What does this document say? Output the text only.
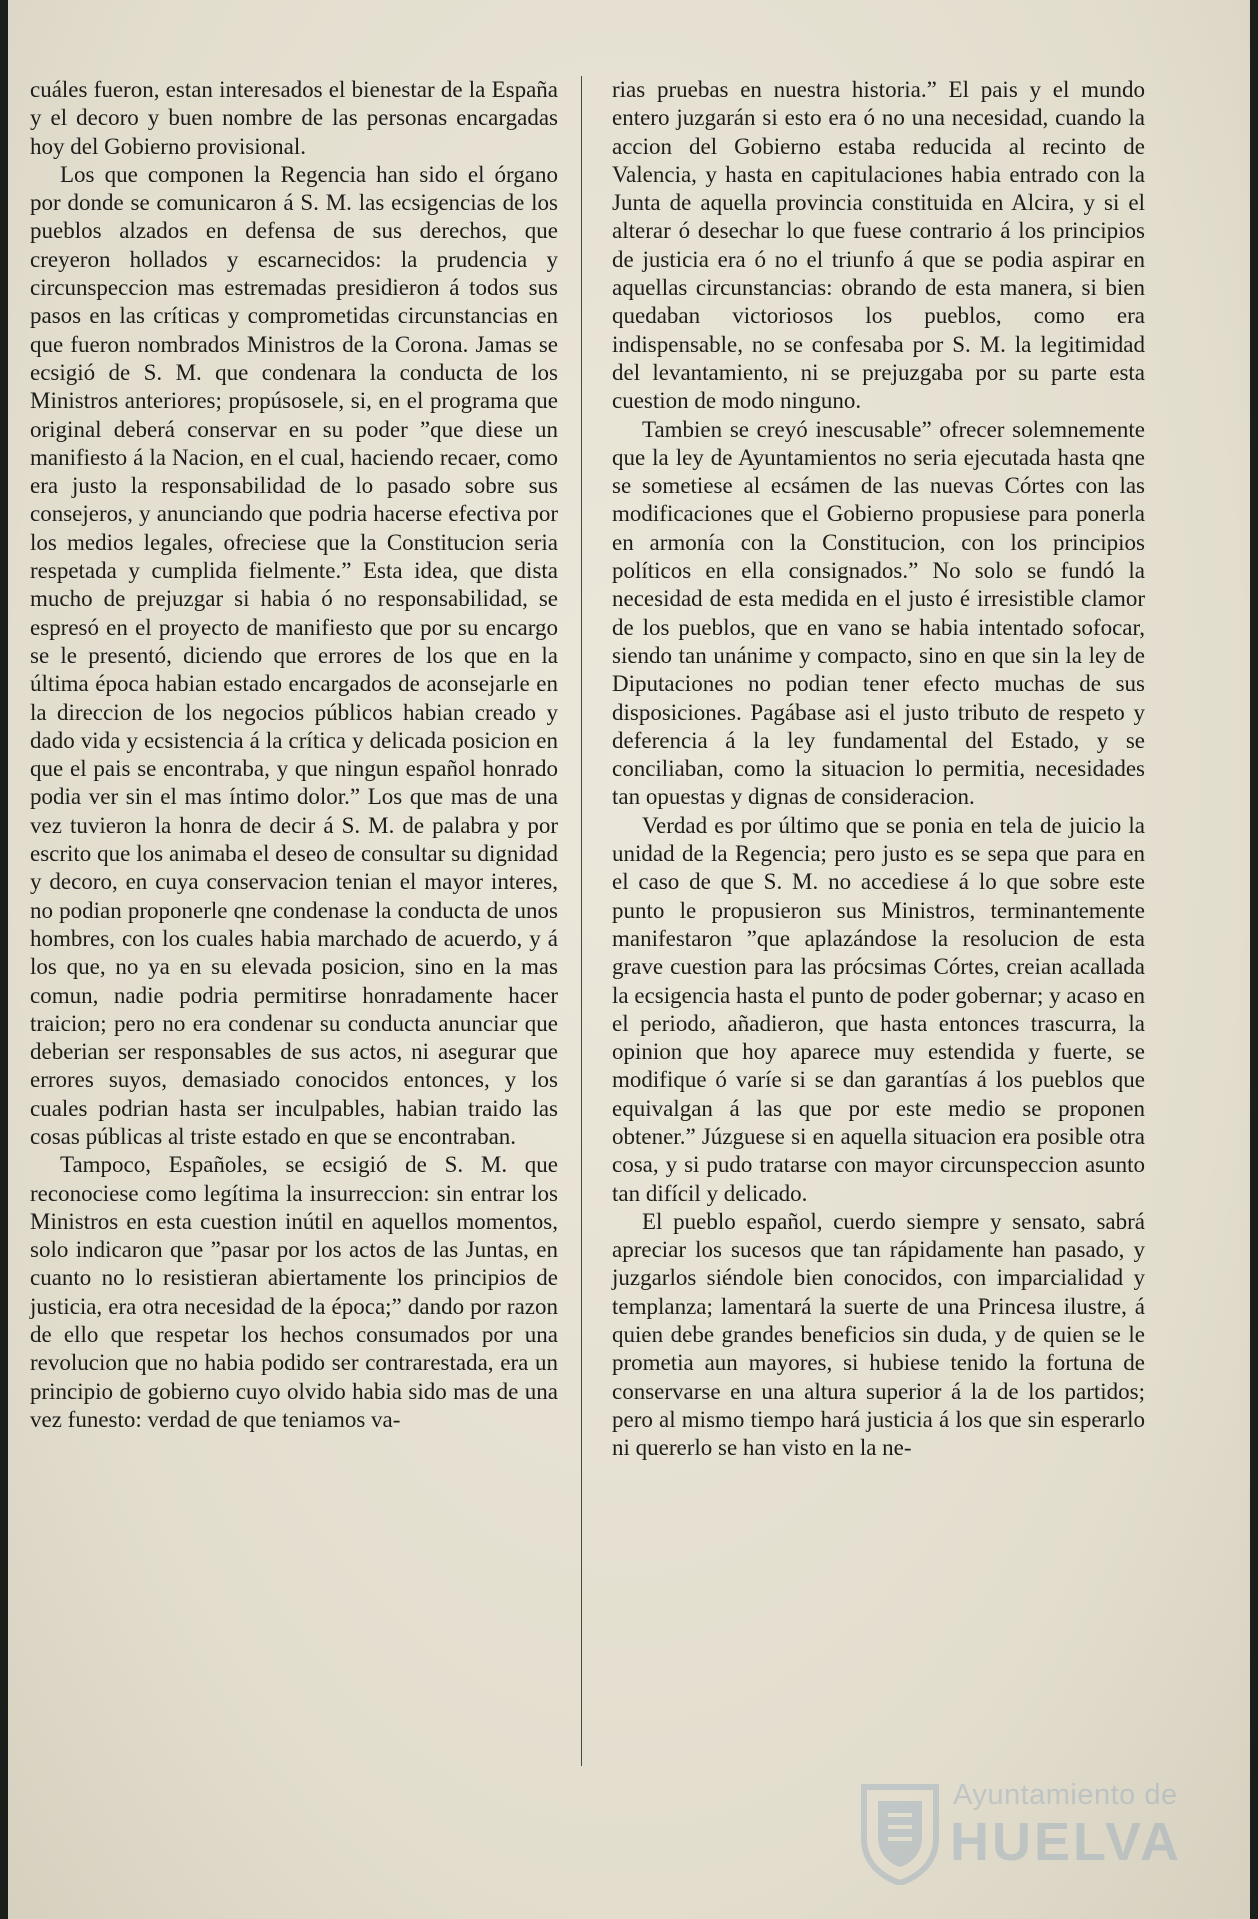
cuáles fueron, estan interesados el bienestar de la España y el decoro y buen nombre de las personas encargadas hoy del Gobierno provisional.

Los que componen la Regencia han sido el órgano por donde se comunicaron á S. M. las ecsigencias de los pueblos alzados en defensa de sus derechos, que creyeron hollados y escarnecidos: la prudencia y circunspeccion mas estremadas presidieron á todos sus pasos en las críticas y comprometidas circunstancias en que fueron nombrados Ministros de la Corona. Jamas se ecsigió de S. M. que condenara la conducta de los Ministros anteriores; propúsosele, si, en el programa que original deberá conservar en su poder ”que diese un manifiesto á la Nacion, en el cual, haciendo recaer, como era justo la responsabilidad de lo pasado sobre sus consejeros, y anunciando que podria hacerse efectiva por los medios legales, ofreciese que la Constitucion seria respetada y cumplida fielmente.” Esta idea, que dista mucho de prejuzgar si habia ó no responsabilidad, se espresó en el proyecto de manifiesto que por su encargo se le presentó, diciendo que errores de los que en la última época habian estado encargados de aconsejarle en la direccion de los negocios públicos habian creado y dado vida y ecsistencia á la crítica y delicada posicion en que el pais se encontraba, y que ningun español honrado podia ver sin el mas íntimo dolor.” Los que mas de una vez tuvieron la honra de decir á S. M. de palabra y por escrito que los animaba el deseo de consultar su dignidad y decoro, en cuya conservacion tenian el mayor interes, no podian proponerle qne condenase la conducta de unos hombres, con los cuales habia marchado de acuerdo, y á los que, no ya en su elevada posicion, sino en la mas comun, nadie podria permitirse honradamente hacer traicion; pero no era condenar su conducta anunciar que deberian ser responsables de sus actos, ni asegurar que errores suyos, demasiado conocidos entonces, y los cuales podrian hasta ser inculpables, habian traido las cosas públicas al triste estado en que se encontraban.

Tampoco, Españoles, se ecsigió de S. M. que reconociese como legítima la insurreccion: sin entrar los Ministros en esta cuestion inútil en aquellos momentos, solo indicaron que ”pasar por los actos de las Juntas, en cuanto no lo resistieran abiertamente los principios de justicia, era otra necesidad de la época;” dando por razon de ello que respetar los hechos consumados por una revolucion que no habia podido ser contrarestada, era un principio de gobierno cuyo olvido habia sido mas de una vez funesto: verdad de que teniamos va-

rias pruebas en nuestra historia.” El pais y el mundo entero juzgarán si esto era ó no una necesidad, cuando la accion del Gobierno estaba reducida al recinto de Valencia, y hasta en capitulaciones habia entrado con la Junta de aquella provincia constituida en Alcira, y si el alterar ó desechar lo que fuese contrario á los principios de justicia era ó no el triunfo á que se podia aspirar en aquellas circunstancias: obrando de esta manera, si bien quedaban victoriosos los pueblos, como era indispensable, no se confesaba por S. M. la legitimidad del levantamiento, ni se prejuzgaba por su parte esta cuestion de modo ninguno.

Tambien se creyó inescusable” ofrecer solemnemente que la ley de Ayuntamientos no seria ejecutada hasta qne se sometiese al ecsámen de las nuevas Córtes con las modificaciones que el Gobierno propusiese para ponerla en armonía con la Constitucion, con los principios políticos en ella consignados.” No solo se fundó la necesidad de esta medida en el justo é irresistible clamor de los pueblos, que en vano se habia intentado sofocar, siendo tan unánime y compacto, sino en que sin la ley de Diputaciones no podian tener efecto muchas de sus disposiciones. Pagábase asi el justo tributo de respeto y deferencia á la ley fundamental del Estado, y se conciliaban, como la situacion lo permitia, necesidades tan opuestas y dignas de consideracion.

Verdad es por último que se ponia en tela de juicio la unidad de la Regencia; pero justo es se sepa que para en el caso de que S. M. no accediese á lo que sobre este punto le propusieron sus Ministros, terminantemente manifestaron ”que aplazándose la resolucion de esta grave cuestion para las prócsimas Córtes, creian acallada la ecsigencia hasta el punto de poder gobernar; y acaso en el periodo, añadieron, que hasta entonces trascurra, la opinion que hoy aparece muy estendida y fuerte, se modifique ó varíe si se dan garantías á los pueblos que equivalgan á las que por este medio se proponen obtener.” Júzguese si en aquella situacion era posible otra cosa, y si pudo tratarse con mayor circunspeccion asunto tan difícil y delicado.

El pueblo español, cuerdo siempre y sensato, sabrá apreciar los sucesos que tan rápidamente han pasado, y juzgarlos siéndole bien conocidos, con imparcialidad y templanza; lamentará la suerte de una Princesa ilustre, á quien debe grandes beneficios sin duda, y de quien se le prometia aun mayores, si hubiese tenido la fortuna de conservarse en una altura superior á la de los partidos; pero al mismo tiempo hará justicia á los que sin esperarlo ni quererlo se han visto en la ne-

Ayuntamiento de
HUELVA
